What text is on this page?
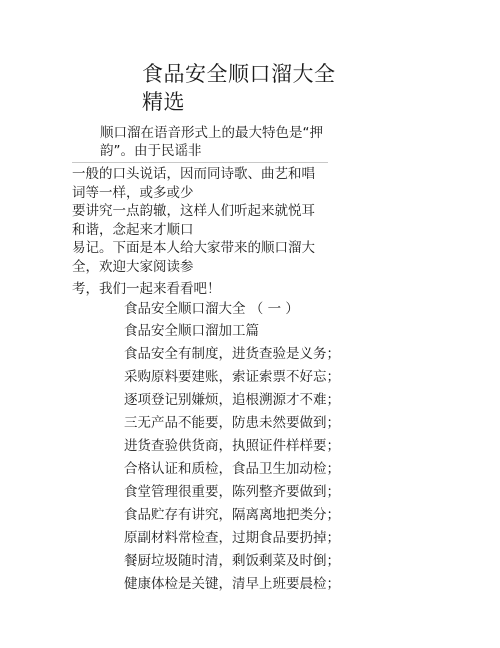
食品安全顺口溜大全精选

顺口溜在语音形式上的最大特色是“押韵”。由于民谣非

一般的口头说话，因而同诗歌、曲艺和唱词等一样，或多或少

要讲究一点韵辙，这样人们听起来就悦耳和谐，念起来才顺口

易记。下面是本人给大家带来的顺口溜大全，欢迎大家阅读参

考，我们一起来看看吧！

食品安全顺口溜大全 （ 一 ）

食品安全顺口溜加工篇

食品安全有制度，进货查验是义务；
采购原料要建账，索证索票不好忘；
逐项登记别嫌烦，追根溯源才不难；
三无产品不能要，防患未然要做到；
进货查验供货商，执照证件样样要；
合格认证和质检，食品卫生加动检；
食堂管理很重要，陈列整齐要做到；
食品贮存有讲究，隔离离地把类分；
原副材料常检查，过期食品要扔掉；
餐厨垃圾随时清，剩饭剩菜及时倒；
健康体检是关键，清早上班要晨检；
